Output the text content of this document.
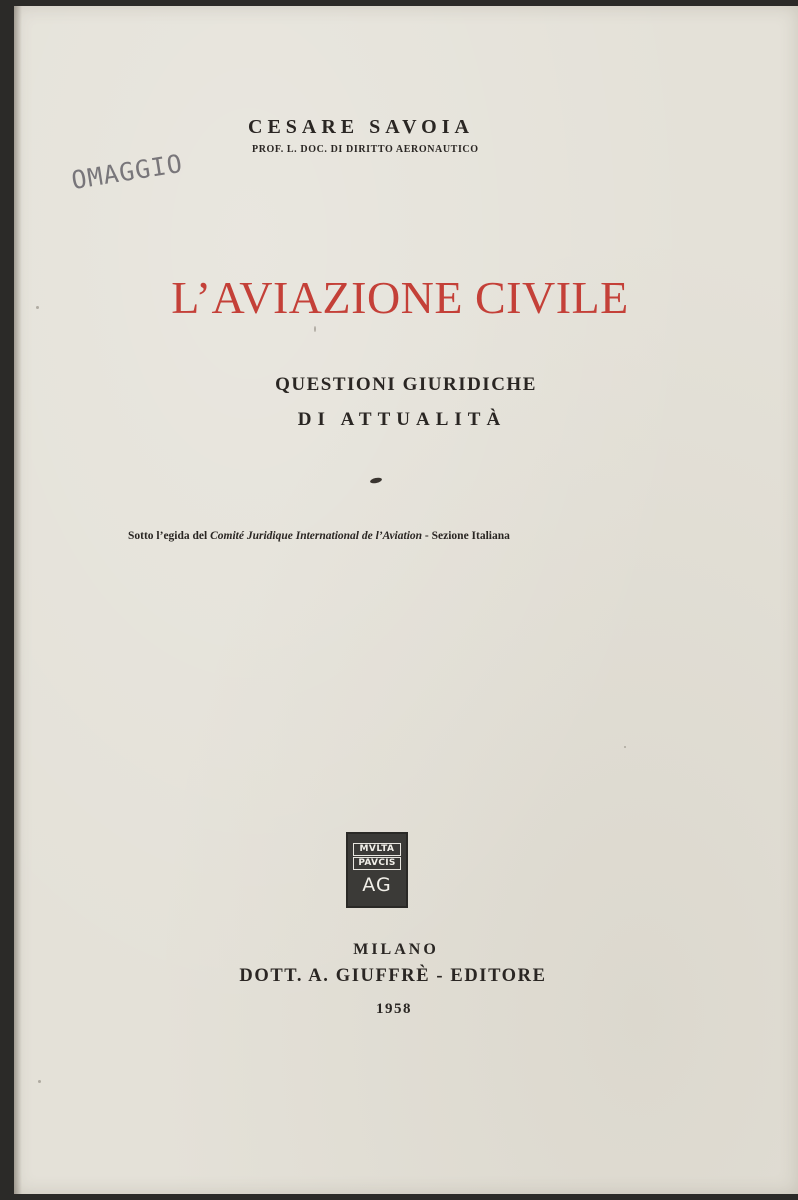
CESARE SAVOIA
PROF. L. DOC. DI DIRITTO AERONAUTICO
OMAGGIO
L’AVIAZIONE CIVILE
QUESTIONI GIURIDICHE
DI ATTUALITÀ
Sotto l’egida del Comité Juridique International de l’Aviation - Sezione Italiana
MVLTA
PAVCIS
AG
MILANO
DOTT. A. GIUFFRÈ - EDITORE
1958
